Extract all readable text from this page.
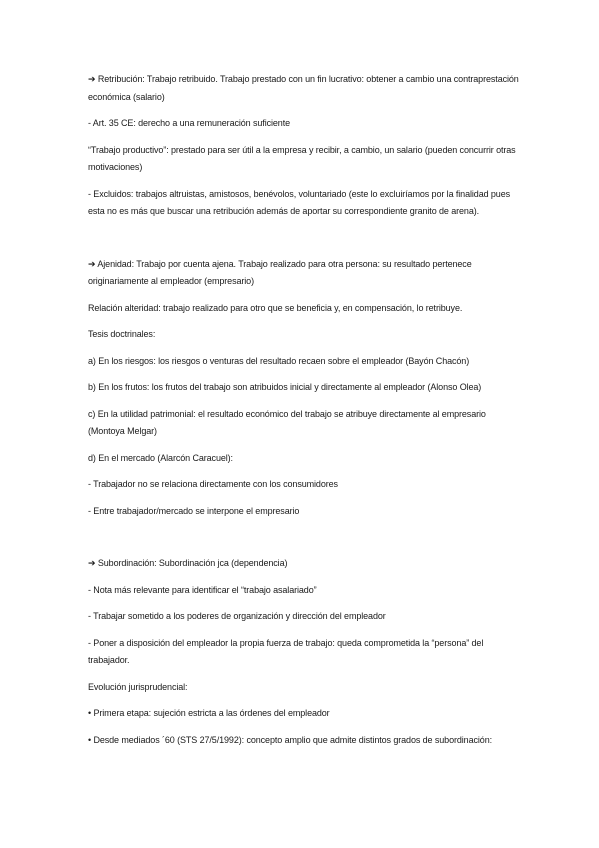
➔ Retribución: Trabajo retribuido. Trabajo prestado con un fin lucrativo: obtener a cambio una contraprestación económica (salario)

- Art. 35 CE: derecho a una remuneración suficiente

“Trabajo productivo”: prestado para ser útil a la empresa y recibir, a cambio, un salario (pueden concurrir otras motivaciones)

- Excluidos: trabajos altruistas, amistosos, benévolos, voluntariado (este lo excluiríamos por la finalidad pues esta no es más que buscar una retribución además de aportar su correspondiente granito de arena).

➔ Ajenidad: Trabajo por cuenta ajena. Trabajo realizado para otra persona: su resultado pertenece originariamente al empleador (empresario)

Relación alteridad: trabajo realizado para otro que se beneficia y, en compensación, lo retribuye.

Tesis doctrinales:

a) En los riesgos: los riesgos o venturas del resultado recaen sobre el empleador (Bayón Chacón)

b) En los frutos: los frutos del trabajo son atribuidos inicial y directamente al empleador (Alonso Olea)

c) En la utilidad patrimonial: el resultado económico del trabajo se atribuye directamente al empresario (Montoya Melgar)

d) En el mercado (Alarcón Caracuel):

- Trabajador no se relaciona directamente con los consumidores

- Entre trabajador/mercado se interpone el empresario

➔ Subordinación: Subordinación jca (dependencia)

- Nota más relevante para identificar el “trabajo asalariado”

- Trabajar sometido a los poderes de organización y dirección del empleador

- Poner a disposición del empleador la propia fuerza de trabajo: queda comprometida la “persona” del trabajador.

Evolución jurisprudencial:

• Primera etapa: sujeción estricta a las órdenes del empleador

• Desde mediados ´60 (STS 27/5/1992): concepto amplio que admite distintos grados de subordinación:
